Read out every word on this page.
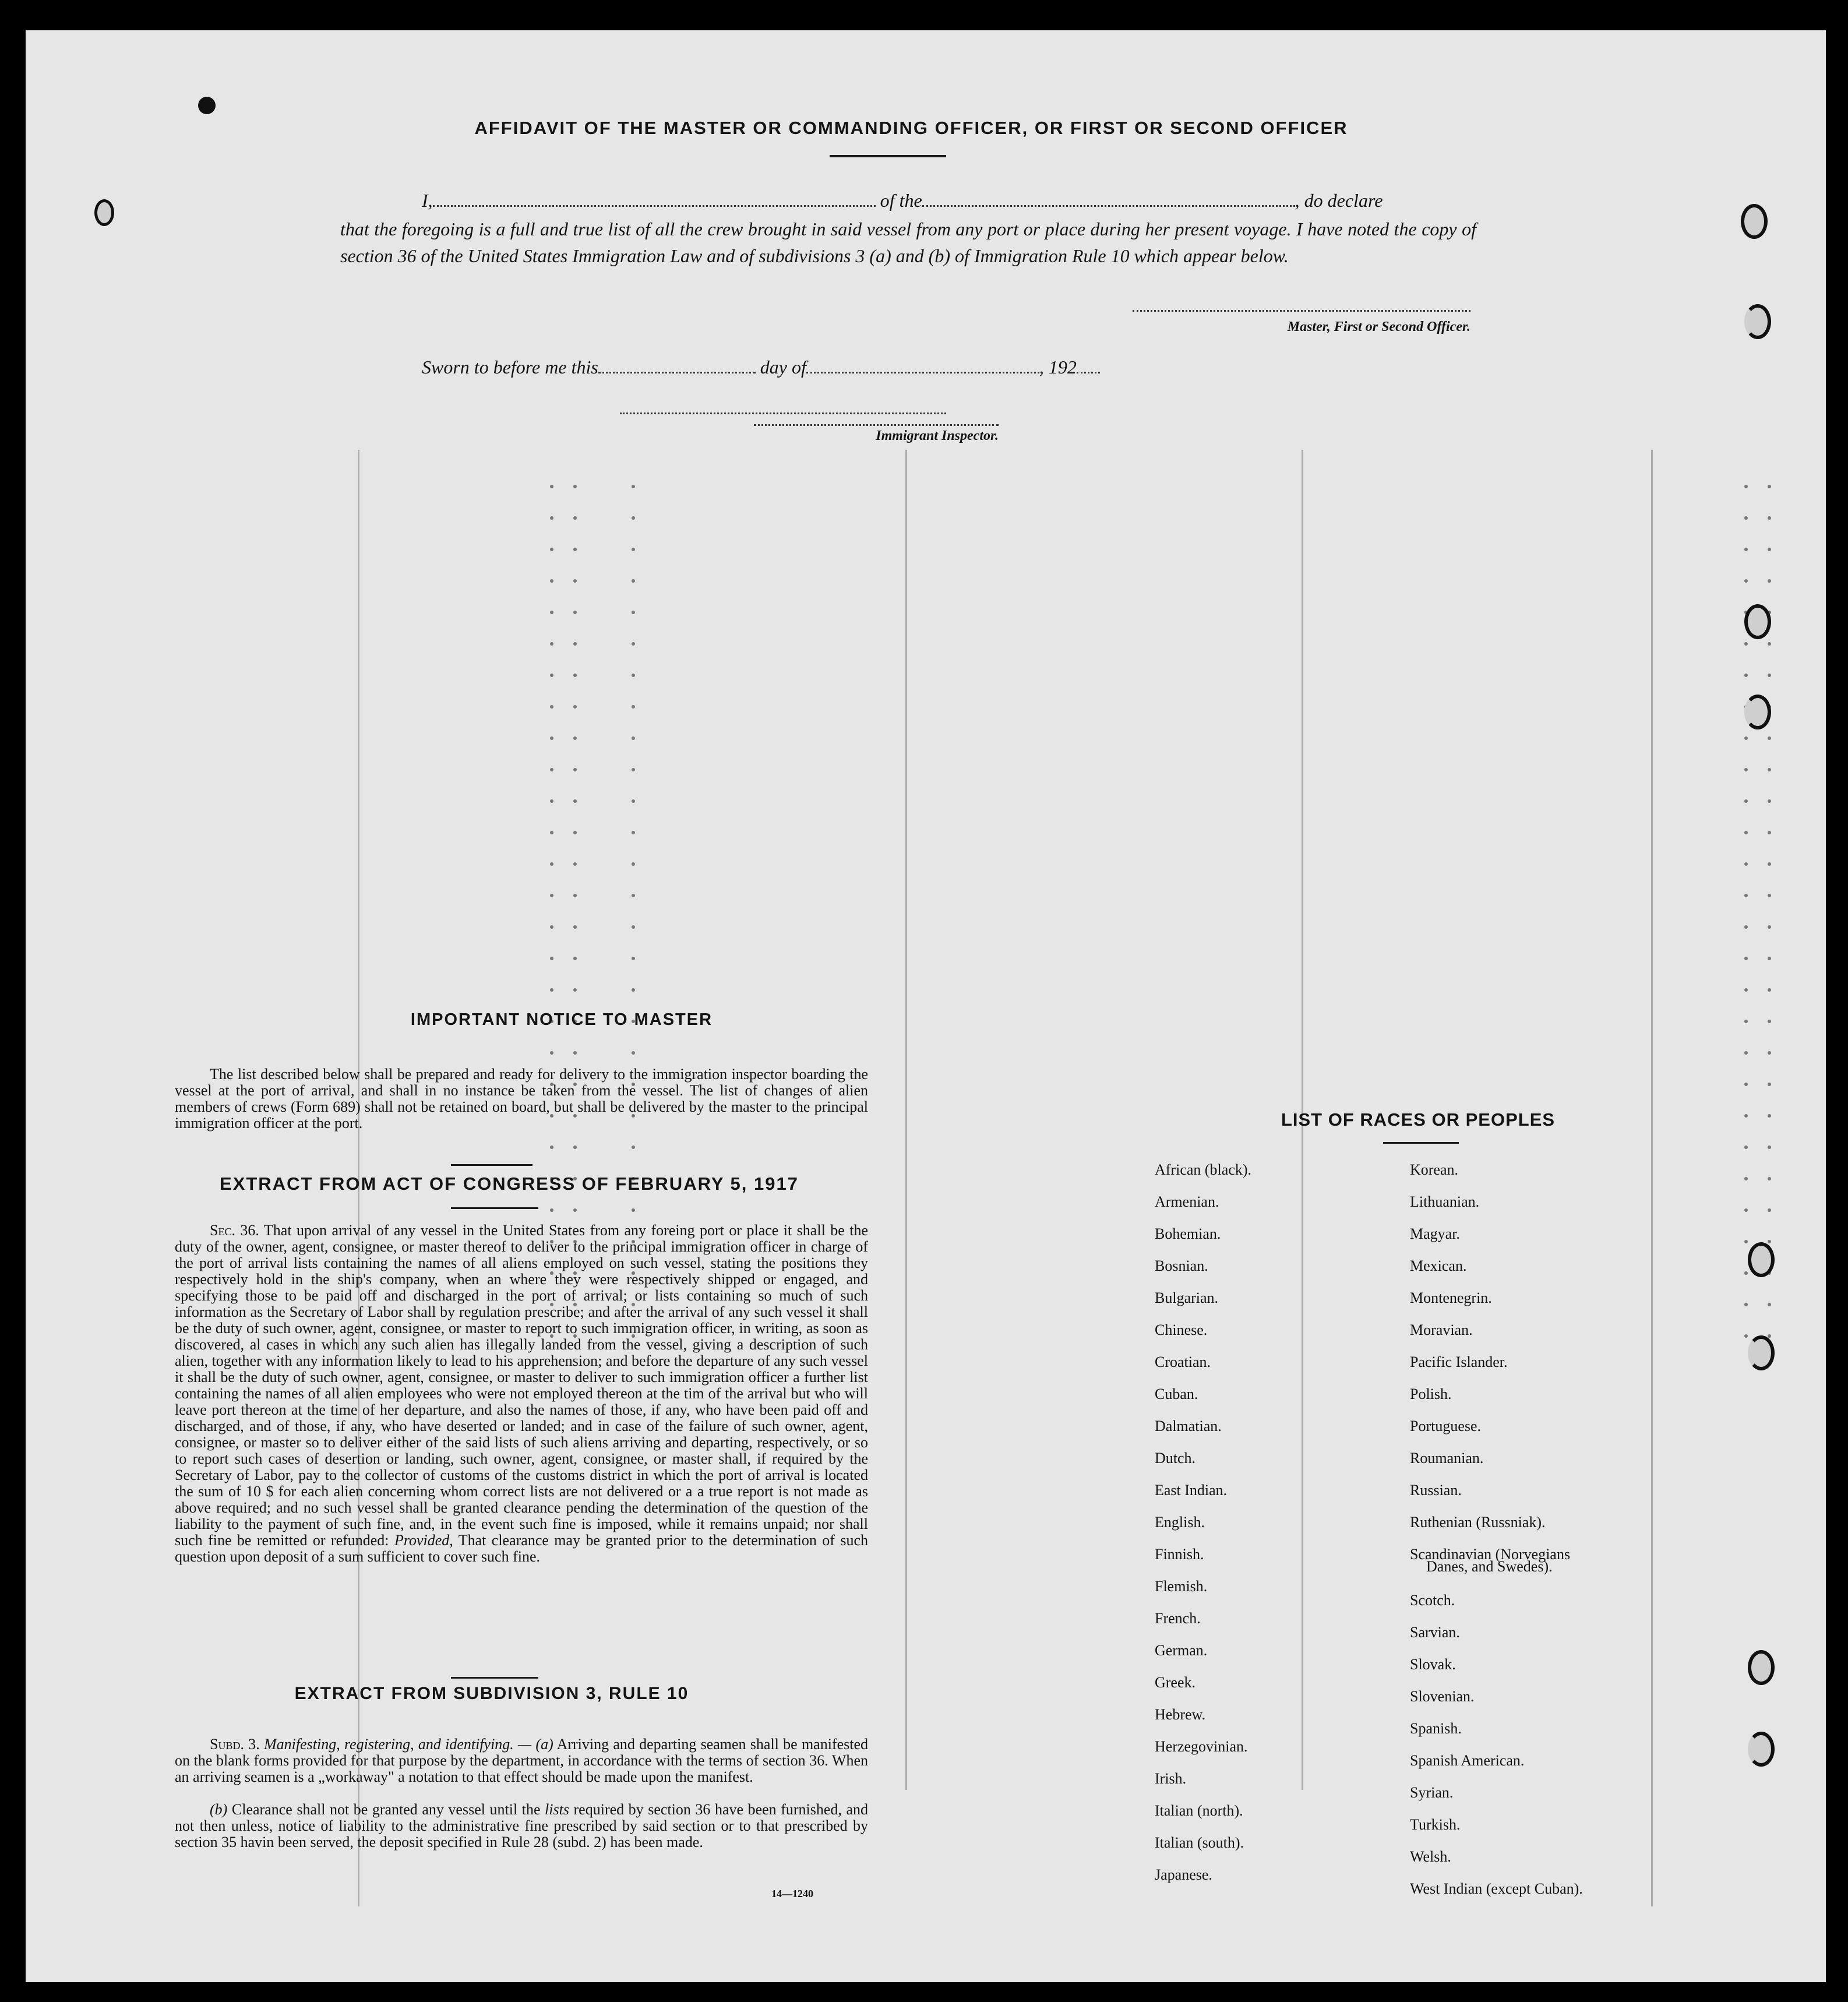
AFFIDAVIT OF THE MASTER OR COMMANDING OFFICER, OR FIRST OR SECOND OFFICER
I,	of the	, do declare
that the foregoing is a full and true list of all the crew brought in said vessel from any port or place during her present voyage. I have noted the copy of section 36 of the United States Immigration Law and of subdivisions 3 (a) and (b) of Immigration Rule 10 which appear below.
Master, First or Second Officer.
Sworn to before me this	day of	, 192
Immigrant Inspector.
IMPORTANT NOTICE TO MASTER
The list described below shall be prepared and ready for delivery to the immigration inspector boarding the vessel at the port of arrival, and shall in no instance be taken from the vessel. The list of changes of alien members of crews (Form 689) shall not be retained on board, but shall be delivered by the master to the principal immigration officer at the port.
EXTRACT FROM ACT OF CONGRESS OF FEBRUARY 5, 1917
Sec. 36. That upon arrival of any vessel in the United States from any foreing port or place it shall be the duty of the owner, agent, consignee, or master thereof to deliver to the principal immigration officer in charge of the port of arrival lists containing the names of all aliens employed on such vessel, stating the positions they respectively hold in the ship's company, when an where they were respectively shipped or engaged, and specifying those to be paid off and discharged in the port of arrival; or lists containing so much of such information as the Secretary of Labor shall by regulation prescribe; and after the arrival of any such vessel it shall be the duty of such owner, agent, consignee, or master to report to such immigration officer, in writing, as soon as discovered, al cases in which any such alien has illegally landed from the vessel, giving a description of such alien, together with any information likely to lead to his apprehension; and before the departure of any such vessel it shall be the duty of such owner, agent, consignee, or master to deliver to such immigration officer a further list containing the names of all alien employees who were not employed thereon at the tim of the arrival but who will leave port thereon at the time of her departure, and also the names of those, if any, who have been paid off and discharged, and of those, if any, who have deserted or landed; and in case of the failure of such owner, agent, consignee, or master so to deliver either of the said lists of such aliens arriving and departing, respectively, or so to report such cases of desertion or landing, such owner, agent, consignee, or master shall, if required by the Secretary of Labor, pay to the collector of customs of the customs district in which the port of arrival is located the sum of 10 $ for each alien concerning whom correct lists are not delivered or a a true report is not made as above required; and no such vessel shall be granted clearance pending the determination of the question of the liability to the payment of such fine, and, in the event such fine is imposed, while it remains unpaid; nor shall such fine be remitted or refunded: Provided, That clearance may be granted prior to the determination of such question upon deposit of a sum sufficient to cover such fine.
EXTRACT FROM SUBDIVISION 3, RULE 10
Subd. 3. Manifesting, registering, and identifying. — (a) Arriving and departing seamen shall be manifested on the blank forms provided for that purpose by the department, in accordance with the terms of section 36. When an arriving seamen is a „workaway" a notation to that effect should be made upon the manifest.
(b) Clearance shall not be granted any vessel until the lists required by section 36 have been furnished, and not then unless, notice of liability to the administrative fine prescribed by said section or to that prescribed by section 35 havin been served, the deposit specified in Rule 28 (subd. 2) has been made.
14—1240
LIST OF RACES OR PEOPLES
African (black).
Armenian.
Bohemian.
Bosnian.
Bulgarian.
Chinese.
Croatian.
Cuban.
Dalmatian.
Dutch.
East Indian.
English.
Finnish.
Flemish.
French.
German.
Greek.
Hebrew.
Herzegovinian.
Irish.
Italian (north).
Italian (south).
Japanese.
Korean.
Lithuanian.
Magyar.
Mexican.
Montenegrin.
Moravian.
Pacific Islander.
Polish.
Portuguese.
Roumanian.
Russian.
Ruthenian (Russniak).
Scandinavian (Norvegians
Danes, and Swedes).
Scotch.
Sarvian.
Slovak.
Slovenian.
Spanish.
Spanish American.
Syrian.
Turkish.
Welsh.
West Indian (except Cuban).
